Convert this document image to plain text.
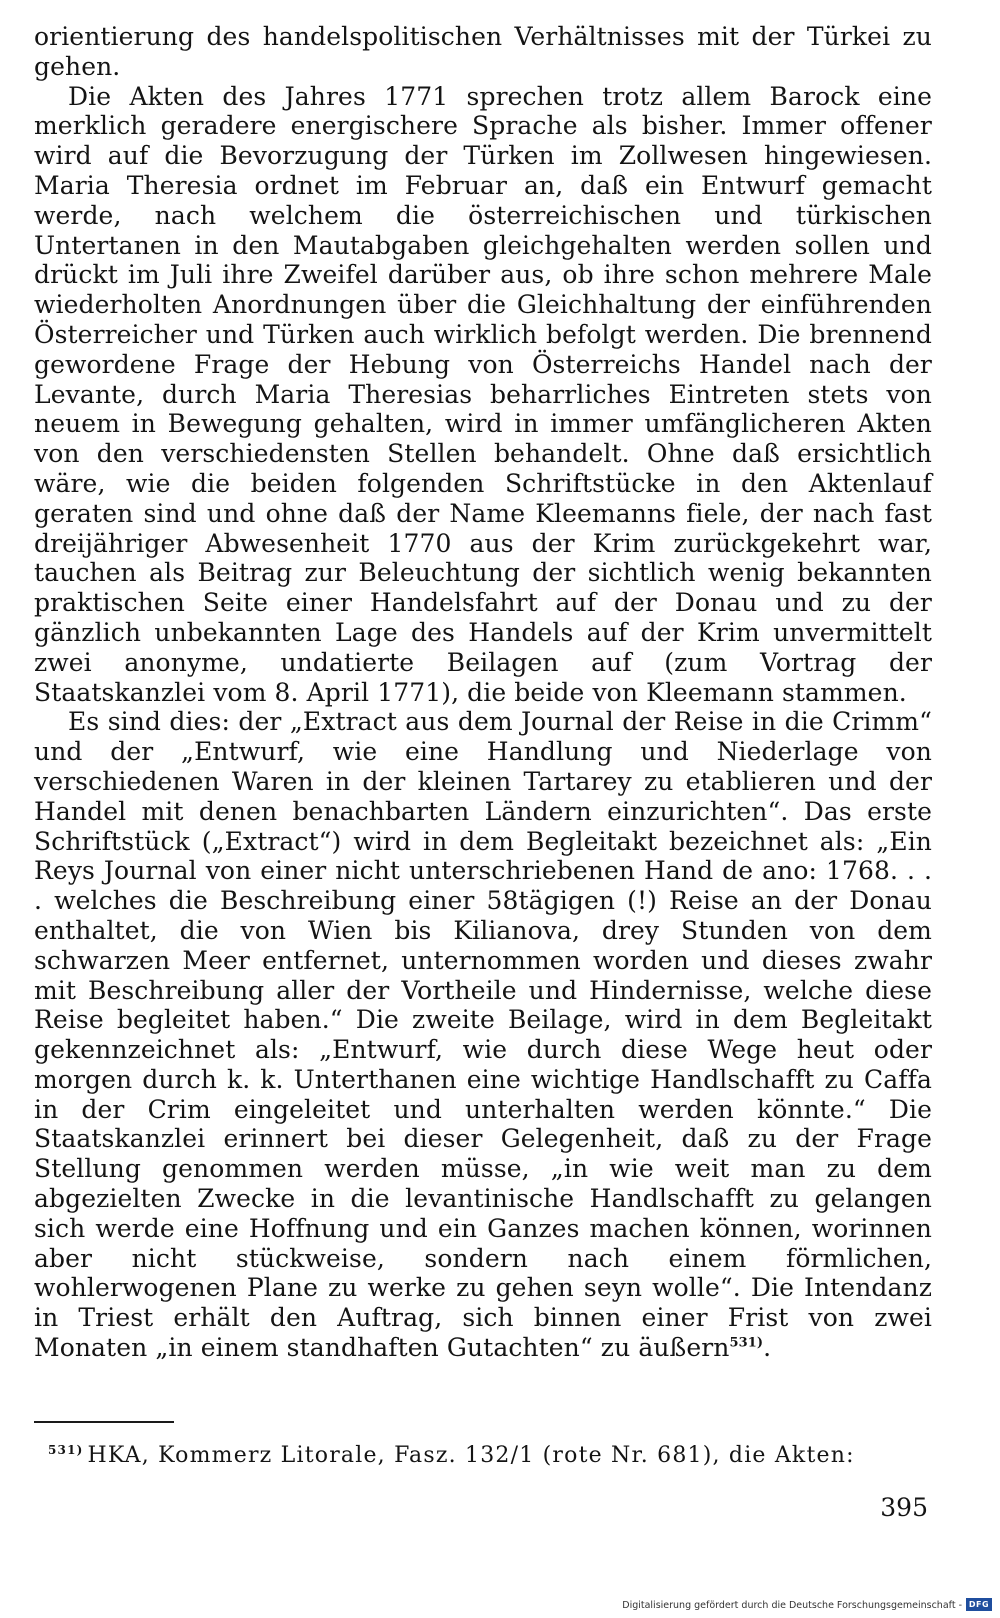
orientierung des handelspolitischen Verhältnisses mit der Türkei zu gehen.

Die Akten des Jahres 1771 sprechen trotz allem Barock eine merklich geradere energischere Sprache als bisher. Immer offener wird auf die Bevorzugung der Türken im Zollwesen hingewiesen. Maria Theresia ordnet im Februar an, daß ein Entwurf gemacht werde, nach welchem die österreichischen und türkischen Untertanen in den Mautabgaben gleichgehalten werden sollen und drückt im Juli ihre Zweifel darüber aus, ob ihre schon mehrere Male wiederholten Anordnungen über die Gleichhaltung der einführenden Österreicher und Türken auch wirklich befolgt werden. Die brennend gewordene Frage der Hebung von Österreichs Handel nach der Levante, durch Maria Theresias beharrliches Eintreten stets von neuem in Bewegung gehalten, wird in immer umfänglicheren Akten von den verschiedensten Stellen behandelt. Ohne daß ersichtlich wäre, wie die beiden folgenden Schriftstücke in den Aktenlauf geraten sind und ohne daß der Name Kleemanns fiele, der nach fast dreijähriger Abwesenheit 1770 aus der Krim zurückgekehrt war, tauchen als Beitrag zur Beleuchtung der sichtlich wenig bekannten praktischen Seite einer Handelsfahrt auf der Donau und zu der gänzlich unbekannten Lage des Handels auf der Krim unvermittelt zwei anonyme, undatierte Beilagen auf (zum Vortrag der Staatskanzlei vom 8. April 1771), die beide von Kleemann stammen.

Es sind dies: der „Extract aus dem Journal der Reise in die Crimm“ und der „Entwurf, wie eine Handlung und Niederlage von verschiedenen Waren in der kleinen Tartarey zu etablieren und der Handel mit denen benachbarten Ländern einzurichten“. Das erste Schriftstück („Extract“) wird in dem Begleitakt bezeichnet als: „Ein Reys Journal von einer nicht unterschriebenen Hand de ano: 1768. . . . welches die Beschreibung einer 58tägigen (!) Reise an der Donau enthaltet, die von Wien bis Kilianova, drey Stunden von dem schwarzen Meer entfernet, unternommen worden und dieses zwahr mit Beschreibung aller der Vortheile und Hindernisse, welche diese Reise begleitet haben.“ Die zweite Beilage, wird in dem Begleitakt gekennzeichnet als: „Entwurf, wie durch diese Wege heut oder morgen durch k. k. Unterthanen eine wichtige Handlschafft zu Caffa in der Crim eingeleitet und unterhalten werden könnte.“ Die Staatskanzlei erinnert bei dieser Gelegenheit, daß zu der Frage Stellung genommen werden müsse, „in wie weit man zu dem abgezielten Zwecke in die levantinische Handlschafft zu gelangen sich werde eine Hoffnung und ein Ganzes machen können, worinnen aber nicht stückweise, sondern nach einem förmlichen, wohlerwogenen Plane zu werke zu gehen seyn wolle“. Die Intendanz in Triest erhält den Auftrag, sich binnen einer Frist von zwei Monaten „in einem standhaften Gutachten“ zu äußern$^{531)}$.

$^{531)}$ HKA, Kommerz Litorale, Fasz. 132/1 (rote Nr. 681), die Akten:
395
Digitalisierung gefördert durch die Deutsche Forschungsgemeinschaft - DFG
